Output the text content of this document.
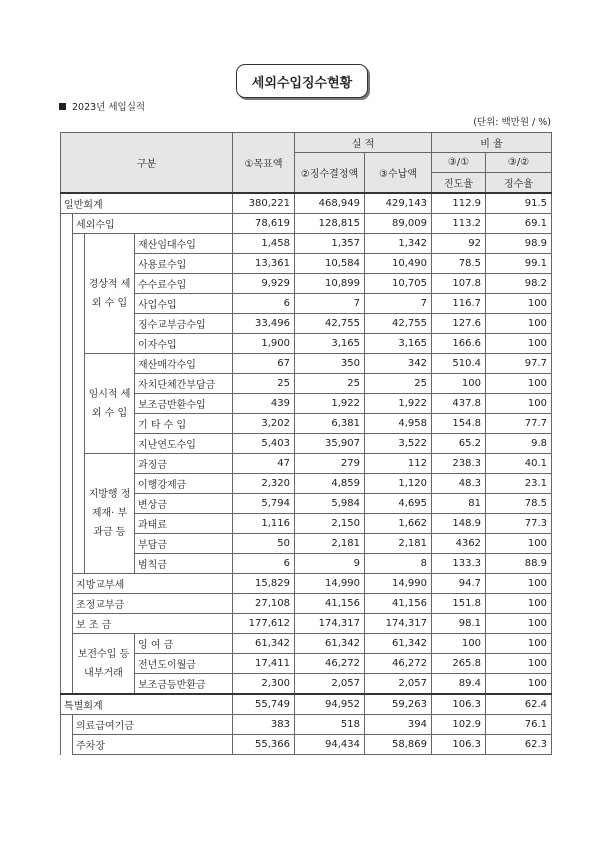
세외수입징수현황
2023년 세입실적
(단위: 백만원 / %)
구분				①목표액	실 적		비 율	
					②징수결정액	③수납액	③/①	③/②
							진도율	징수율
일반회계				380,221	468,949	429,143	112.9	91.5
	세외수입			78,619	128,815	89,009	113.2	69.1
		경상적 세 외 수 입	재산임대수입	1,458	1,357	1,342	92	98.9
			사용료수입	13,361	10,584	10,490	78.5	99.1
			수수료수입	9,929	10,899	10,705	107.8	98.2
			사업수입	6	7	7	116.7	100
			징수교부금수입	33,496	42,755	42,755	127.6	100
			이자수입	1,900	3,165	3,165	166.6	100
		임시적 세 외 수 입	재산매각수입	67	350	342	510.4	97.7
			자치단체간부담금	25	25	25	100	100
			보조금반환수입	439	1,922	1,922	437.8	100
			기 타 수 입	3,202	6,381	4,958	154.8	77.7
			지난연도수입	5,403	35,907	3,522	65.2	9.8
		지방행 정제재· 부과금 등	과징금	47	279	112	238.3	40.1
			이행강제금	2,320	4,859	1,120	48.3	23.1
			변상금	5,794	5,984	4,695	81	78.5
			과태료	1,116	2,150	1,662	148.9	77.3
			부담금	50	2,181	2,181	4362	100
			범칙금	6	9	8	133.3	88.9
	지방교부세			15,829	14,990	14,990	94.7	100
	조정교부금			27,108	41,156	41,156	151.8	100
	보 조 금			177,612	174,317	174,317	98.1	100
	보전수입 등 내부거래		잉 여 금	61,342	61,342	61,342	100	100
			전년도이월금	17,411	46,272	46,272	265.8	100
			보조금등반환금	2,300	2,057	2,057	89.4	100
특별회계				55,749	94,952	59,263	106.3	62.4
	의료급여기금			383	518	394	102.9	76.1
	주차장			55,366	94,434	58,869	106.3	62.3
